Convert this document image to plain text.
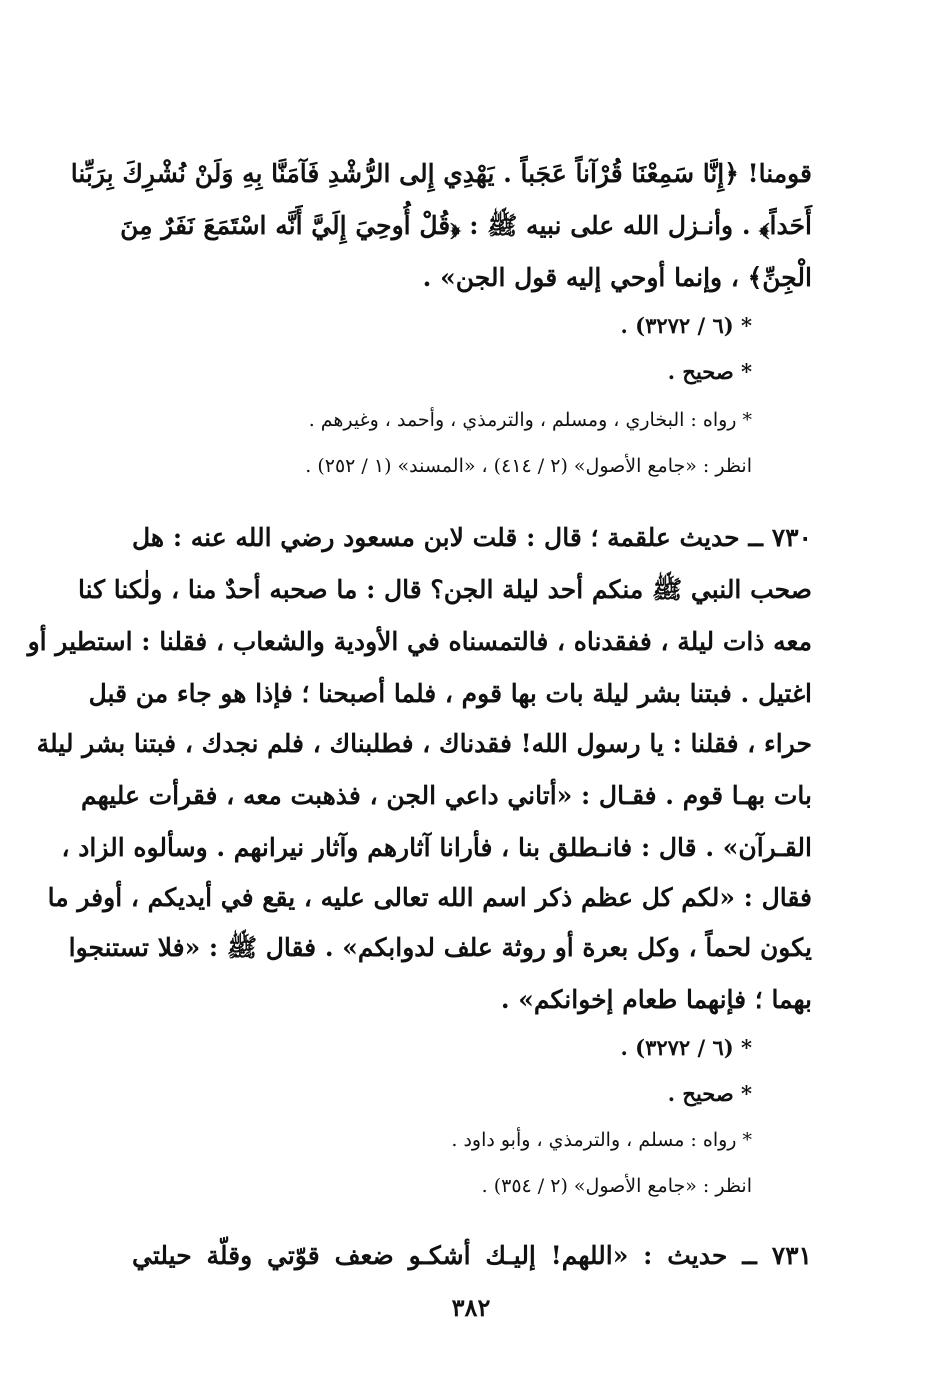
قومنا! ﴿إِنَّا سَمِعْنَا قُرْآناً عَجَباً . يَهْدِي إِلى الرُّشْدِ فَآمَنَّا بِهِ وَلَنْ نُشْرِكَ بِرَبِّنا
أَحَداً﴾ . وأنـزل الله على نبيه ﷺ : ﴿قُلْ أُوحِيَ إِلَيَّ أَنَّه اسْتَمَعَ نَفَرٌ مِنَ
الْجِنِّ﴾ ، وإنما أوحي إليه قول الجن» .
* (٦ / ٣٢٧٢) .
* صحيح .
* رواه : البخاري ، ومسلم ، والترمذي ، وأحمد ، وغيرهم .
انظر : «جامع الأصول» (٢ / ٤١٤) ، «المسند» (١ / ٢٥٢) .
٧٣٠ ــ حديث علقمة ؛ قال : قلت لابن مسعود رضي الله عنه : هل
صحب النبي ﷺ منكم أحد ليلة الجن؟ قال : ما صحبه أحدٌ منا ، ولٰكنا كنا
معه ذات ليلة ، ففقدناه ، فالتمسناه في الأودية والشعاب ، فقلنا : استطير أو
اغتيل . فبتنا بشر ليلة بات بها قوم ، فلما أصبحنا ؛ فإذا هو جاء من قبل
حراء ، فقلنا : يا رسول الله! فقدناك ، فطلبناك ، فلم نجدك ، فبتنا بشر ليلة
بات بهـا قوم . فقـال : «أتاني داعي الجن ، فذهبت معه ، فقرأت عليهم
القـرآن» . قال : فانـطلق بنا ، فأرانا آثارهم وآثار نيرانهم . وسألوه الزاد ،
فقال : «لكم كل عظم ذكر اسم الله تعالى عليه ، يقع في أيديكم ، أوفر ما
يكون لحماً ، وكل بعرة أو روثة علف لدوابكم» . فقال ﷺ : «فلا تستنجوا
بهما ؛ فإنهما طعام إخوانكم» .
* (٦ / ٣٢٧٢) .
* صحيح .
* رواه : مسلم ، والترمذي ، وأبو داود .
انظر : «جامع الأصول» (٢ / ٣٥٤) .
٧٣١ ــ حديث : «اللهم! إليـك أشكـو ضعف قوّتي وقلّة حيلتي
٣٨٢
